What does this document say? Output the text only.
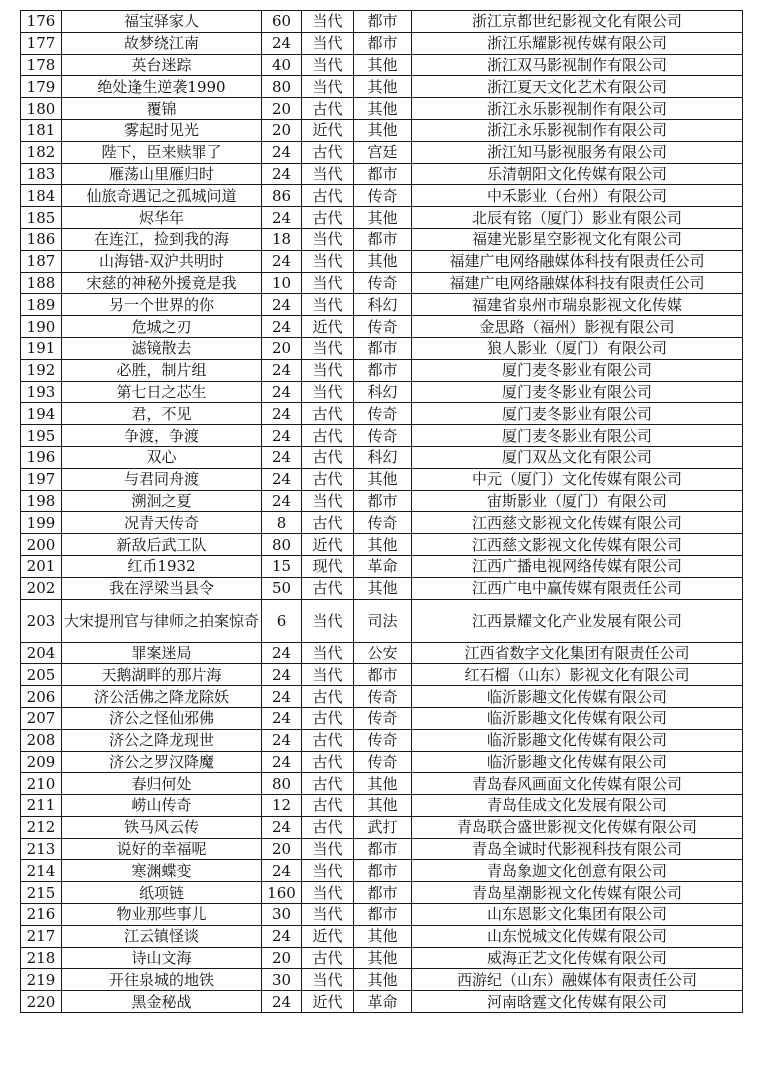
176	福宝驿家人	60	当代	都市	浙江京都世纪影视文化有限公司
177	故梦绕江南	24	当代	都市	浙江乐耀影视传媒有限公司
178	英台迷踪	40	当代	其他	浙江双马影视制作有限公司
179	绝处逢生逆袭1990	80	当代	其他	浙江夏天文化艺术有限公司
180	覆锦	20	古代	其他	浙江永乐影视制作有限公司
181	雾起时见光	20	近代	其他	浙江永乐影视制作有限公司
182	陛下，臣来赎罪了	24	古代	宫廷	浙江知马影视服务有限公司
183	雁荡山里雁归时	24	当代	都市	乐清朝阳文化传媒有限公司
184	仙旅奇遇记之孤城问道	86	古代	传奇	中禾影业（台州）有限公司
185	烬华年	24	古代	其他	北辰有铭（厦门）影业有限公司
186	在连江，捡到我的海	18	当代	都市	福建光影星空影视文化有限公司
187	山海错-双沪共明时	24	当代	其他	福建广电网络融媒体科技有限责任公司
188	宋慈的神秘外援竟是我	10	当代	传奇	福建广电网络融媒体科技有限责任公司
189	另一个世界的你	24	当代	科幻	福建省泉州市瑞泉影视文化传媒
190	危城之刃	24	近代	传奇	金思路（福州）影视有限公司
191	滤镜散去	20	当代	都市	狼人影业（厦门）有限公司
192	必胜，制片组	24	当代	都市	厦门麦冬影业有限公司
193	第七日之芯生	24	当代	科幻	厦门麦冬影业有限公司
194	君，不见	24	古代	传奇	厦门麦冬影业有限公司
195	争渡，争渡	24	古代	传奇	厦门麦冬影业有限公司
196	双心	24	古代	科幻	厦门双丛文化有限公司
197	与君同舟渡	24	古代	其他	中元（厦门）文化传媒有限公司
198	溯洄之夏	24	当代	都市	宙斯影业（厦门）有限公司
199	况青天传奇	8	古代	传奇	江西慈文影视文化传媒有限公司
200	新敌后武工队	80	近代	其他	江西慈文影视文化传媒有限公司
201	红币1932	15	现代	革命	江西广播电视网络传媒有限公司
202	我在浮梁当县令	50	古代	其他	江西广电中赢传媒有限责任公司
203	大宋提刑官与律师之拍案惊奇	6	当代	司法	江西景耀文化产业发展有限公司
204	罪案迷局	24	当代	公安	江西省数字文化集团有限责任公司
205	天鹅湖畔的那片海	24	当代	都市	红石榴（山东）影视文化有限公司
206	济公活佛之降龙除妖	24	古代	传奇	临沂影趣文化传媒有限公司
207	济公之怪仙邪佛	24	古代	传奇	临沂影趣文化传媒有限公司
208	济公之降龙现世	24	古代	传奇	临沂影趣文化传媒有限公司
209	济公之罗汉降魔	24	古代	传奇	临沂影趣文化传媒有限公司
210	春归何处	80	古代	其他	青岛春风画面文化传媒有限公司
211	崂山传奇	12	古代	其他	青岛佳成文化发展有限公司
212	铁马风云传	24	古代	武打	青岛联合盛世影视文化传媒有限公司
213	说好的幸福呢	20	当代	都市	青岛全诚时代影视科技有限公司
214	寒渊蝶变	24	当代	都市	青岛象迦文化创意有限公司
215	纸项链	160	当代	都市	青岛星潮影视文化传媒有限公司
216	物业那些事儿	30	当代	都市	山东恩影文化集团有限公司
217	江云镇怪谈	24	近代	其他	山东悦城文化传媒有限公司
218	诗山文海	20	古代	其他	威海正艺文化传媒有限公司
219	开往泉城的地铁	30	当代	其他	西游纪（山东）融媒体有限责任公司
220	黑金秘战	24	近代	革命	河南晗霆文化传媒有限公司
